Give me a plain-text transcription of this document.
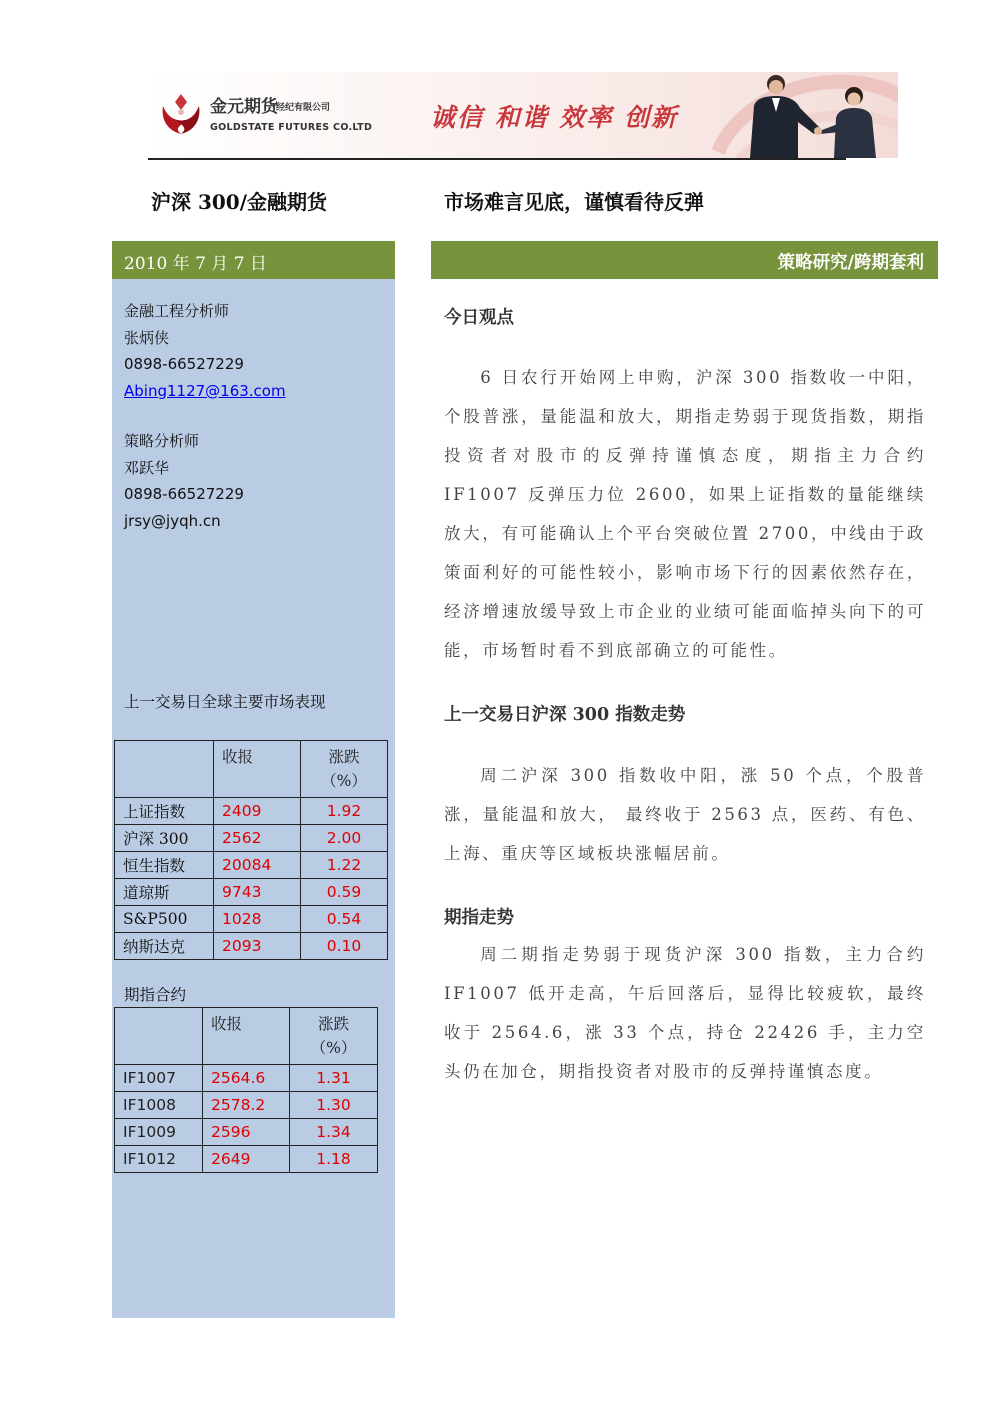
金元期货
经纪有限公司
GOLDSTATE FUTURES CO.LTD 诚信 和谐 效率 创新
沪深 300/金融期货	市场难言见底，谨慎看待反弹
2010 年 7 月 7 日
金融工程分析师
张炳侠
0898-66527229
Abing1127@163.com
策略分析师
邓跃华
0898-66527229
jrsy@jyqh.cn
上一交易日全球主要市场表现
	收报	涨跌
（%）

上证指数	2409	1.92
沪深 300	2562	2.00
恒生指数	20084	1.22
道琼斯	9743	0.59
S&P500	1028	0.54
纳斯达克	2093	0.10
期指合约
	收报	涨跌
（%）

IF1007	2564.6	1.31
IF1008	2578.2	1.30
IF1009	2596	1.34
IF1012	2649	1.18
策略研究/跨期套利
今日观点
6 日农行开始网上申购，沪深 300 指数收一中阳，个股普涨，量能温和放大，期指走势弱于现货指数，期指投资者对股市的反弹持谨慎态度，期指主力合约 IF1007 反弹压力位 2600，如果上证指数的量能继续放大，有可能确认上个平台突破位置 2700，中线由于政策面利好的可能性较小，影响市场下行的因素依然存在，经济增速放缓导致上市企业的业绩可能面临掉头向下的可能，市场暂时看不到底部确立的可能性。
上一交易日沪深 300 指数走势
周二沪深 300 指数收中阳，涨 50 个点，个股普涨，量能温和放大， 最终收于 2563 点，医药、有色、上海、重庆等区域板块涨幅居前。
期指走势
周二期指走势弱于现货沪深 300 指数，主力合约 IF1007 低开走高，午后回落后，显得比较疲软，最终收于 2564.6，涨 33 个点，持仓 22426 手，主力空头仍在加仓，期指投资者对股市的反弹持谨慎态度。
